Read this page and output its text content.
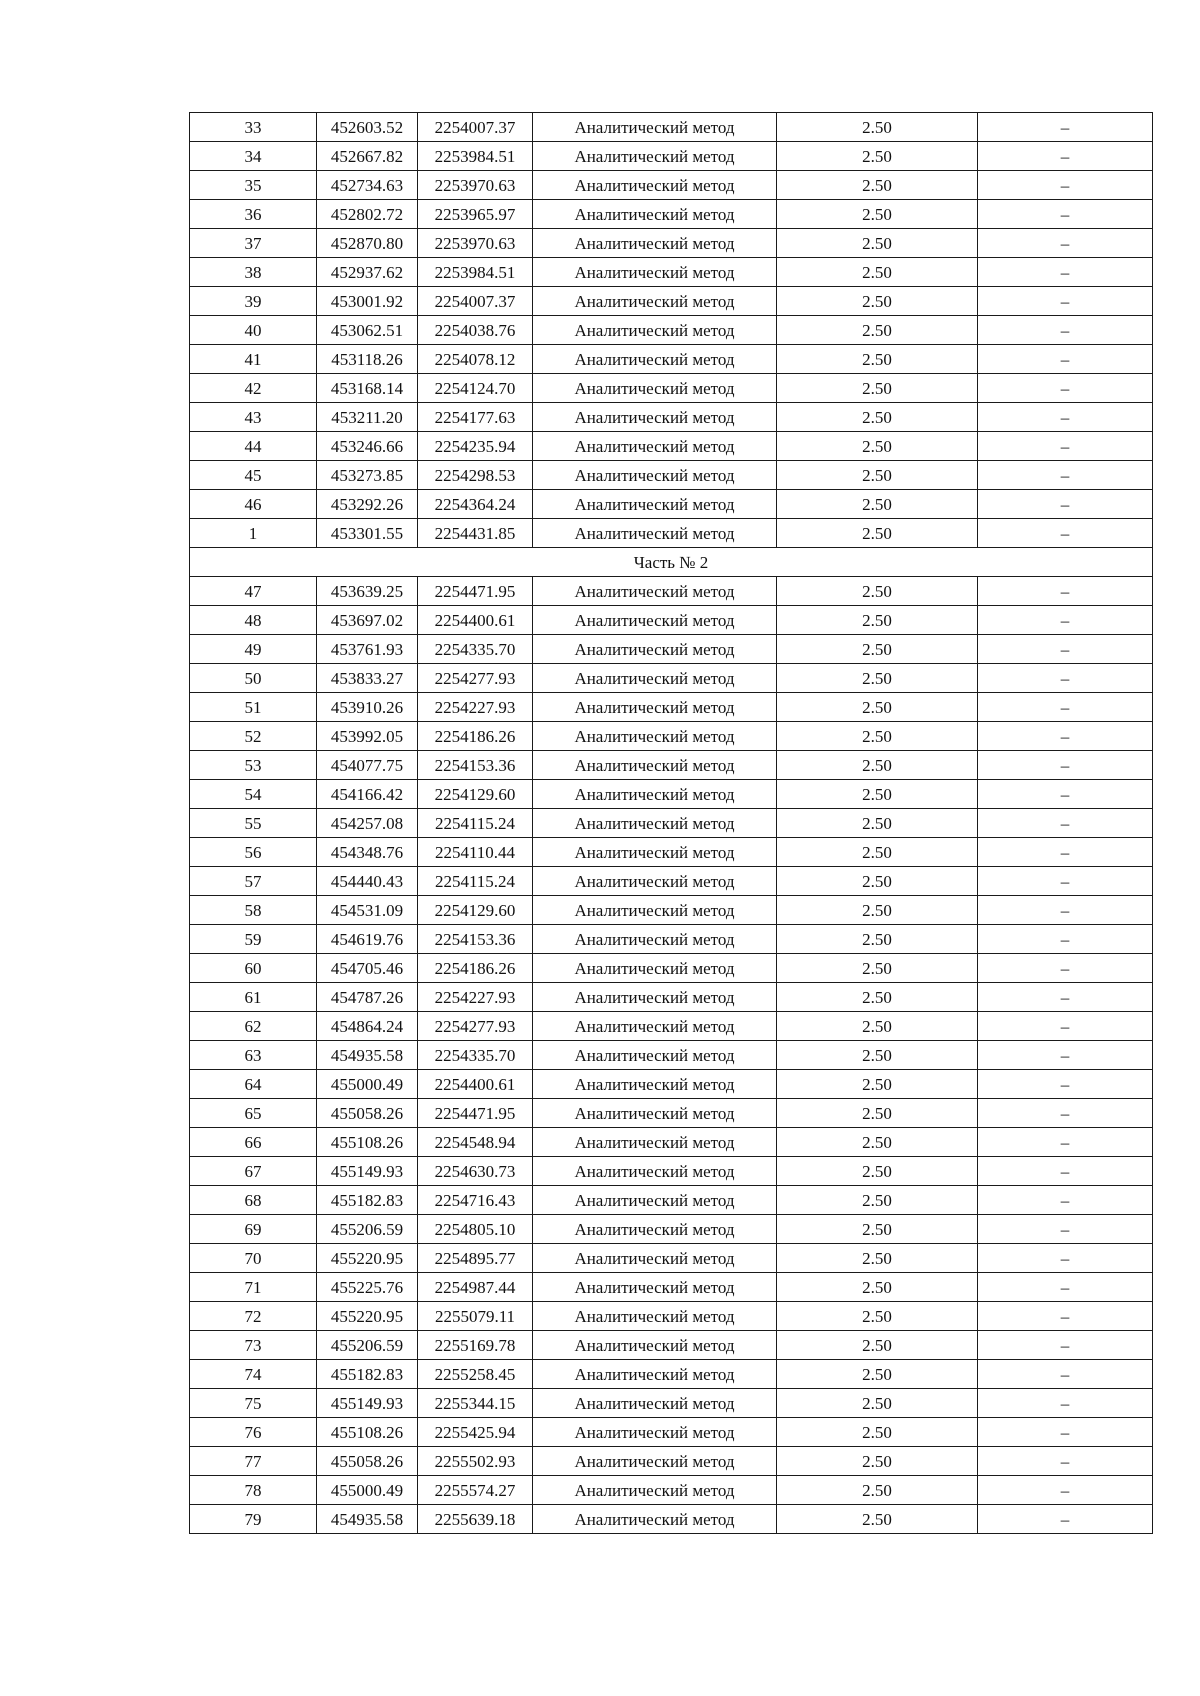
33	452603.52	2254007.37	Аналитический метод	2.50	–
34	452667.82	2253984.51	Аналитический метод	2.50	–
35	452734.63	2253970.63	Аналитический метод	2.50	–
36	452802.72	2253965.97	Аналитический метод	2.50	–
37	452870.80	2253970.63	Аналитический метод	2.50	–
38	452937.62	2253984.51	Аналитический метод	2.50	–
39	453001.92	2254007.37	Аналитический метод	2.50	–
40	453062.51	2254038.76	Аналитический метод	2.50	–
41	453118.26	2254078.12	Аналитический метод	2.50	–
42	453168.14	2254124.70	Аналитический метод	2.50	–
43	453211.20	2254177.63	Аналитический метод	2.50	–
44	453246.66	2254235.94	Аналитический метод	2.50	–
45	453273.85	2254298.53	Аналитический метод	2.50	–
46	453292.26	2254364.24	Аналитический метод	2.50	–
1	453301.55	2254431.85	Аналитический метод	2.50	–
Часть № 2					
47	453639.25	2254471.95	Аналитический метод	2.50	–
48	453697.02	2254400.61	Аналитический метод	2.50	–
49	453761.93	2254335.70	Аналитический метод	2.50	–
50	453833.27	2254277.93	Аналитический метод	2.50	–
51	453910.26	2254227.93	Аналитический метод	2.50	–
52	453992.05	2254186.26	Аналитический метод	2.50	–
53	454077.75	2254153.36	Аналитический метод	2.50	–
54	454166.42	2254129.60	Аналитический метод	2.50	–
55	454257.08	2254115.24	Аналитический метод	2.50	–
56	454348.76	2254110.44	Аналитический метод	2.50	–
57	454440.43	2254115.24	Аналитический метод	2.50	–
58	454531.09	2254129.60	Аналитический метод	2.50	–
59	454619.76	2254153.36	Аналитический метод	2.50	–
60	454705.46	2254186.26	Аналитический метод	2.50	–
61	454787.26	2254227.93	Аналитический метод	2.50	–
62	454864.24	2254277.93	Аналитический метод	2.50	–
63	454935.58	2254335.70	Аналитический метод	2.50	–
64	455000.49	2254400.61	Аналитический метод	2.50	–
65	455058.26	2254471.95	Аналитический метод	2.50	–
66	455108.26	2254548.94	Аналитический метод	2.50	–
67	455149.93	2254630.73	Аналитический метод	2.50	–
68	455182.83	2254716.43	Аналитический метод	2.50	–
69	455206.59	2254805.10	Аналитический метод	2.50	–
70	455220.95	2254895.77	Аналитический метод	2.50	–
71	455225.76	2254987.44	Аналитический метод	2.50	–
72	455220.95	2255079.11	Аналитический метод	2.50	–
73	455206.59	2255169.78	Аналитический метод	2.50	–
74	455182.83	2255258.45	Аналитический метод	2.50	–
75	455149.93	2255344.15	Аналитический метод	2.50	–
76	455108.26	2255425.94	Аналитический метод	2.50	–
77	455058.26	2255502.93	Аналитический метод	2.50	–
78	455000.49	2255574.27	Аналитический метод	2.50	–
79	454935.58	2255639.18	Аналитический метод	2.50	–
